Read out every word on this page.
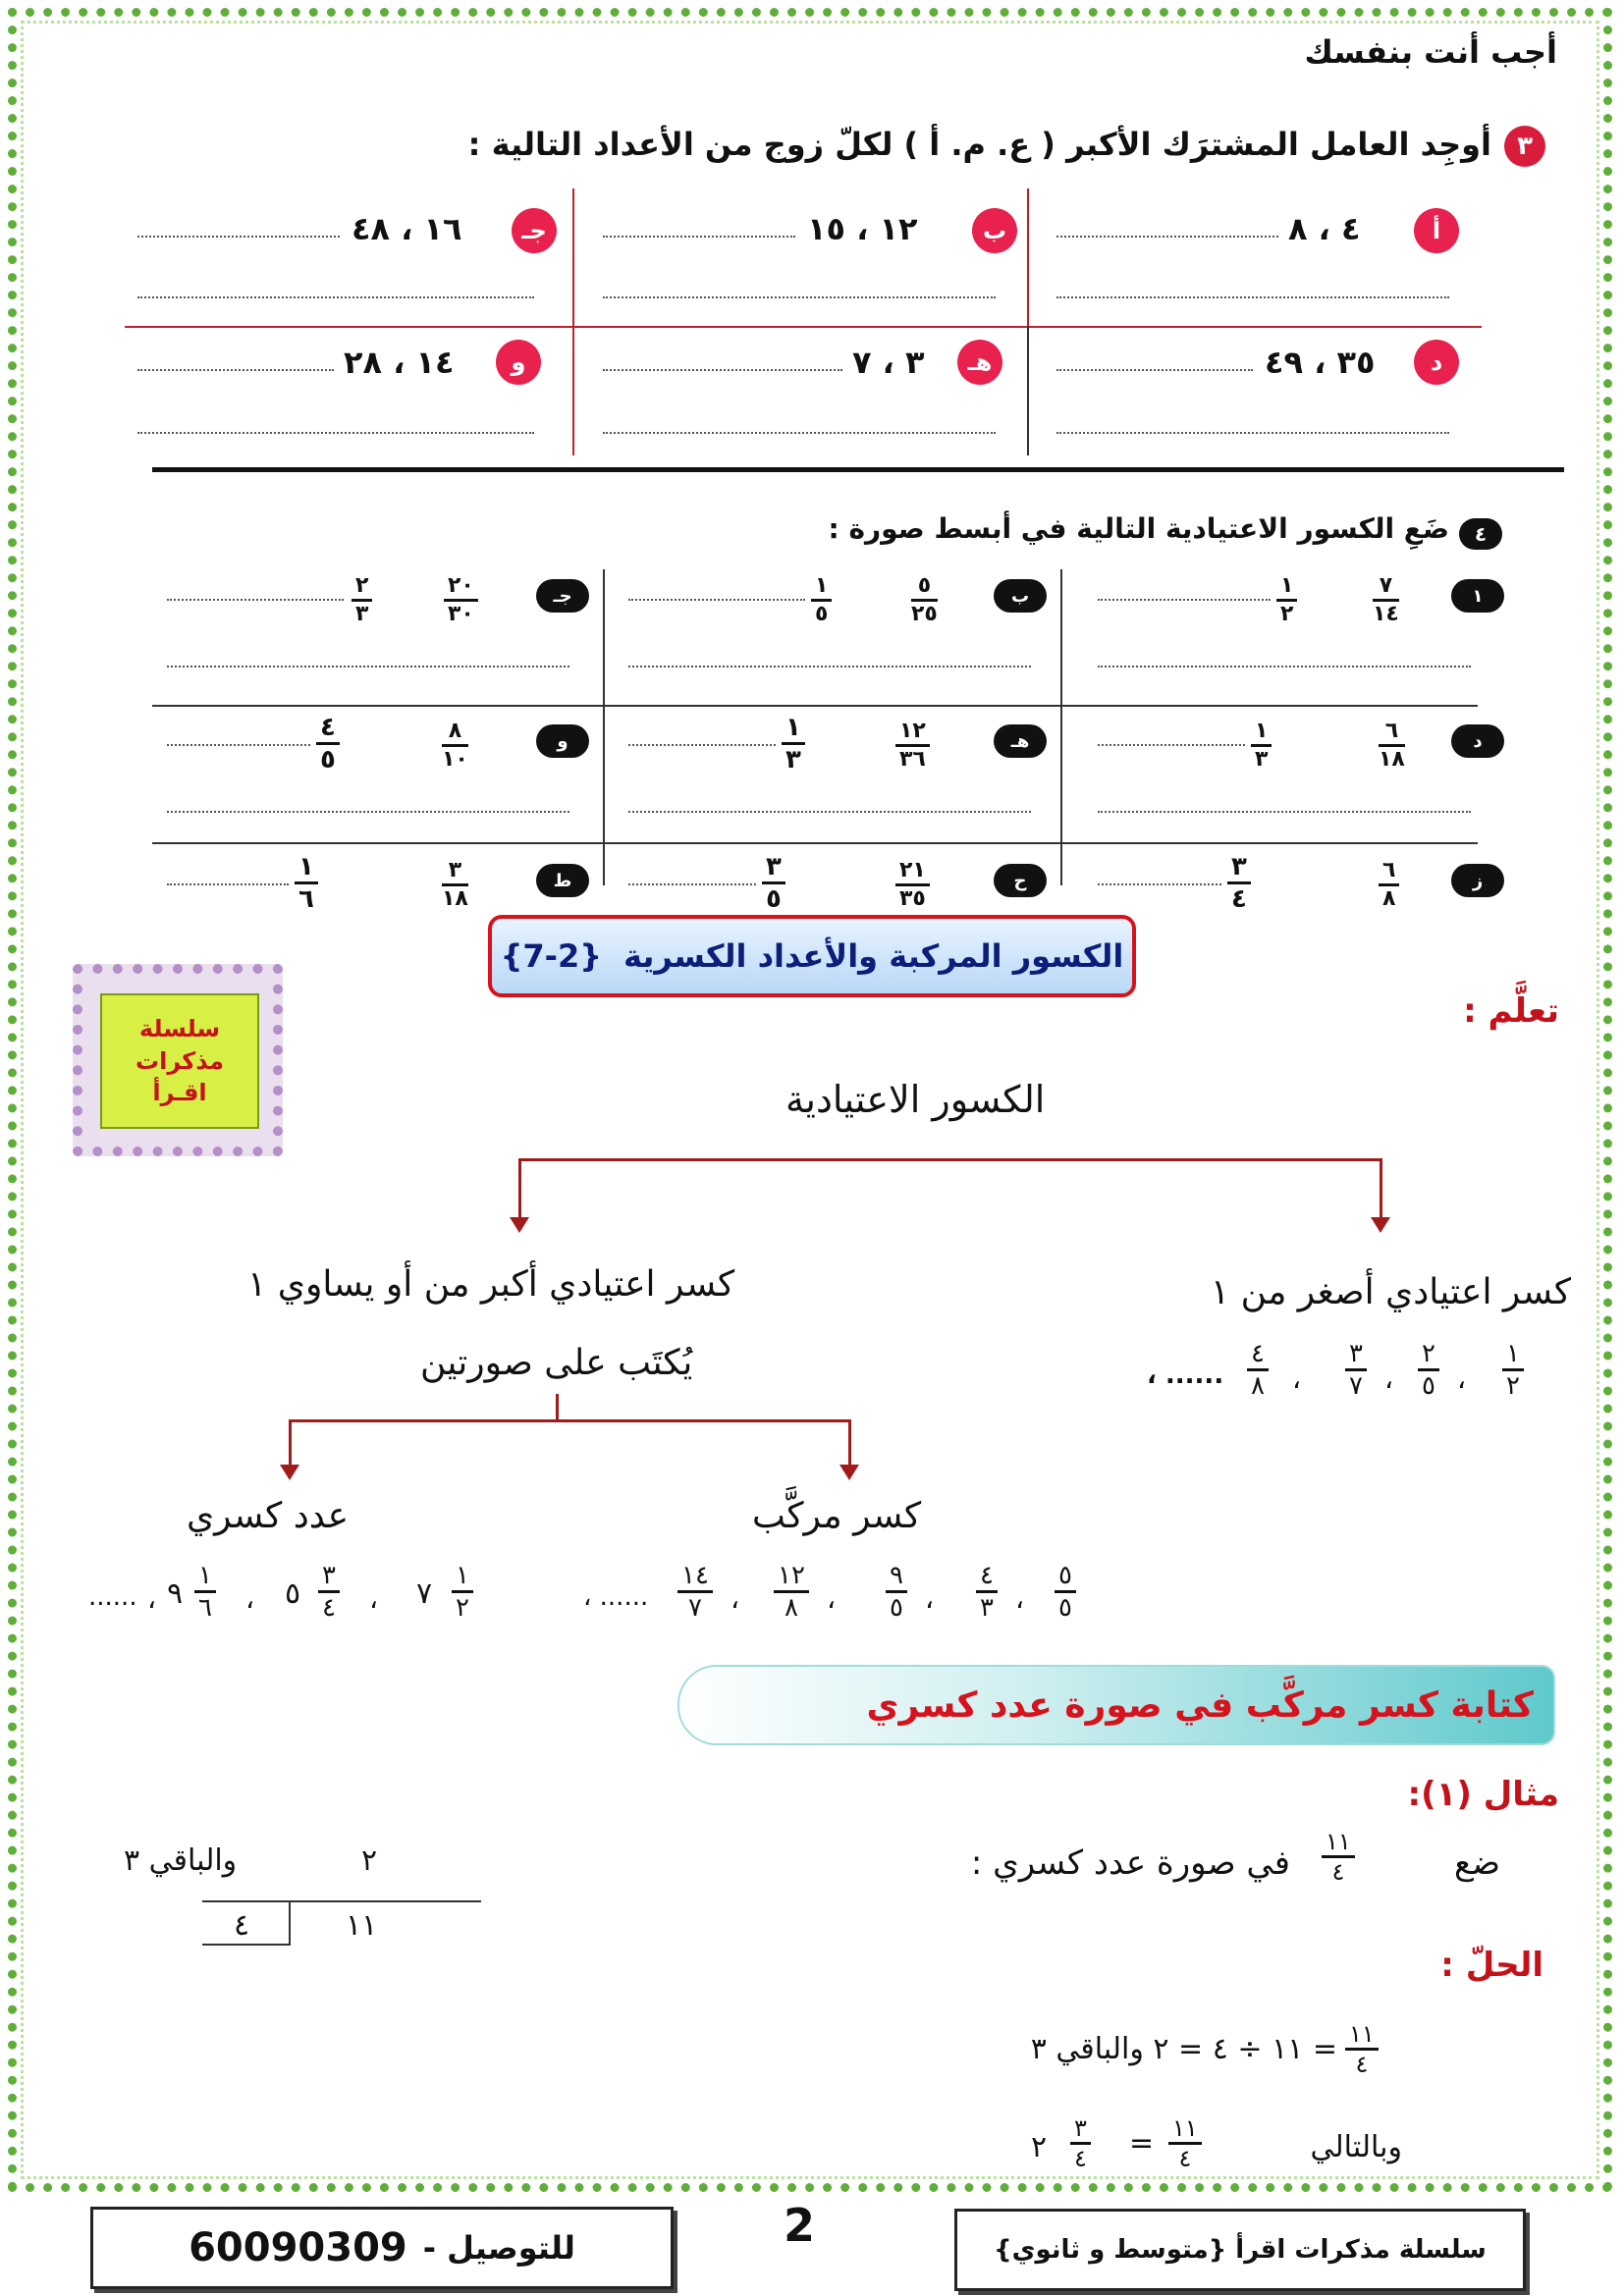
أجب أنت بنفسك
٣
أوجِد العامل المشترَك الأكبر ( ع. م. أ ) لكلّ زوج من الأعداد التالية :
أ
٤ ، ٨
ب
١٢ ، ١٥
جـ
١٦ ، ٤٨
د
٣٥ ، ٤٩
هـ
٣ ، ٧
و
١٤ ، ٢٨
٤
ضَعِ الكسور الاعتيادية التالية في أبسط صورة :
١
٧
١٤
١
٢
ب
٥
٢٥
١
٥
جـ
٢٠
٣٠
٢
٣
د
٦
١٨
١
٣
هـ
١٢
٣٦
١
٣
و
٨
١٠
٤
٥
ز
٦
٨
٣
٤
ح
٢١
٣٥
٣
٥
ط
٣
١٨
١
٦
الكسور المركبة والأعداد الكسرية
{7-2}
سلسلة
مذكرات
اقـرأ
تعلَّم :
الكسور الاعتيادية
كسر اعتيادي أصغر من ١
...... ،
٤
٨ ،
٣
٧ ،
٢
٥ ،
١
٢
كسر اعتيادي أكبر من أو يساوي ١
يُكتَب على صورتين
كسر مركَّب
...... ،
١٤
٧ ،
١٢
٨ ،
٩
٥ ،
٤
٣ ،
٥
٥
عدد كسري
...... ، ٩
١
٦ ، ٥
٣
٤ ، ٧
١
٢
كتابة كسر مركَّب في صورة عدد كسري
مثال (١):
ضع
١١
٤
في صورة عدد كسري :
والباقي ٣	٢
١١
٤
الحلّ :
١١
٤
= ١١ ÷ ٤ = ٢ والباقي ٣
وبالتالي
١١
٤
=
٣
٤
٢
سلسلة مذكرات اقرأ {متوسط و ثانوي}
2
للتوصيل -
60090309
